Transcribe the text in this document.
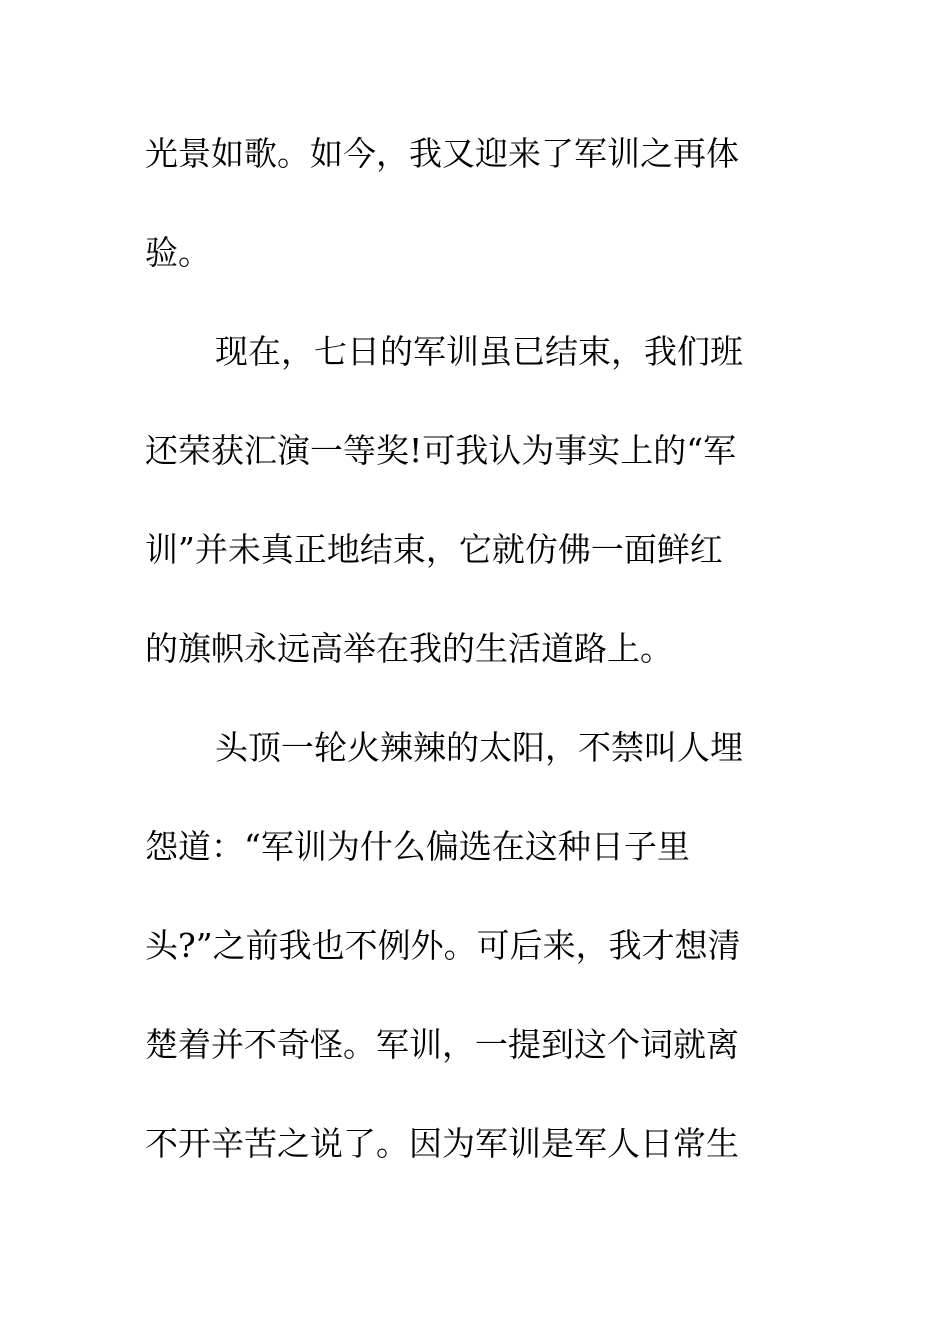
光景如歌。如今，我又迎来了军训之再体
验。
现在，七日的军训虽已结束，我们班
还荣获汇演一等奖!可我认为事实上的“军
训”并未真正地结束，它就仿佛一面鲜红
的旗帜永远高举在我的生活道路上。
头顶一轮火辣辣的太阳，不禁叫人埋
怨道：“军训为什么偏选在这种日子里
头?”之前我也不例外。可后来，我才想清
楚着并不奇怪。军训，一提到这个词就离
不开辛苦之说了。因为军训是军人日常生
